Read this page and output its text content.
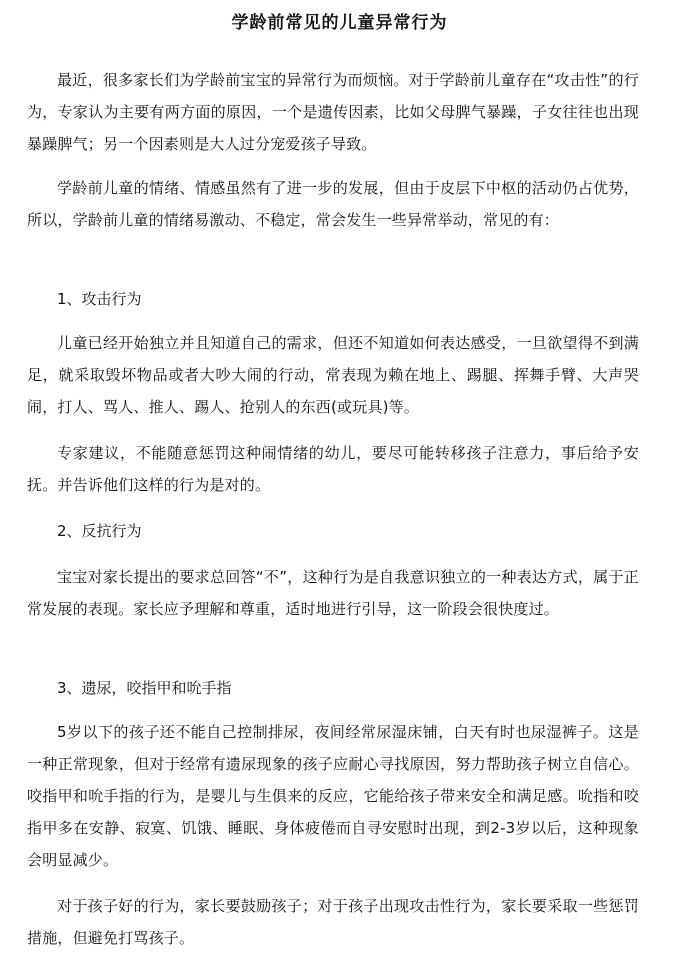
学龄前常见的儿童异常行为

最近，很多家长们为学龄前宝宝的异常行为而烦恼。对于学龄前儿童存在“攻击性”的行为，专家认为主要有两方面的原因，一个是遗传因素，比如父母脾气暴躁，子女往往也出现暴躁脾气；另一个因素则是大人过分宠爱孩子导致。

学龄前儿童的情绪、情感虽然有了进一步的发展，但由于皮层下中枢的活动仍占优势，所以，学龄前儿童的情绪易激动、不稳定，常会发生一些异常举动，常见的有：

1、攻击行为

儿童已经开始独立并且知道自己的需求，但还不知道如何表达感受，一旦欲望得不到满足，就采取毁坏物品或者大吵大闹的行动，常表现为赖在地上、踢腿、挥舞手臂、大声哭闹，打人、骂人、推人、踢人、抢别人的东西(或玩具)等。

专家建议，不能随意惩罚这种闹情绪的幼儿，要尽可能转移孩子注意力，事后给予安抚。并告诉他们这样的行为是对的。

2、反抗行为

宝宝对家长提出的要求总回答“不”，这种行为是自我意识独立的一种表达方式，属于正常发展的表现。家长应予理解和尊重，适时地进行引导，这一阶段会很快度过。

3、遗尿，咬指甲和吮手指

5岁以下的孩子还不能自己控制排尿，夜间经常尿湿床铺，白天有时也尿湿裤子。这是一种正常现象，但对于经常有遗尿现象的孩子应耐心寻找原因，努力帮助孩子树立自信心。咬指甲和吮手指的行为，是婴儿与生俱来的反应，它能给孩子带来安全和满足感。吮指和咬指甲多在安静、寂寞、饥饿、睡眠、身体疲倦而自寻安慰时出现，到2-3岁以后，这种现象会明显减少。

对于孩子好的行为，家长要鼓励孩子；对于孩子出现攻击性行为，家长要采取一些惩罚措施，但避免打骂孩子。
